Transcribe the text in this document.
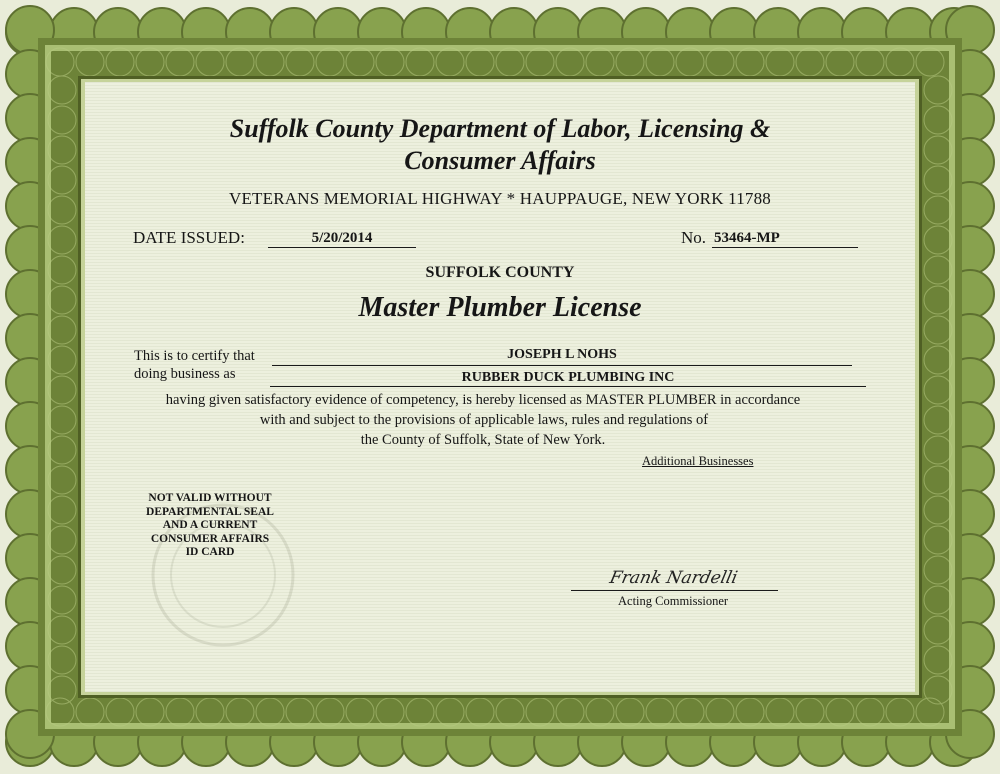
Suffolk County Department of Labor, Licensing &

Consumer Affairs

VETERANS MEMORIAL HIGHWAY * HAUPPAUGE, NEW YORK 11788

DATE ISSUED:	5/20/2014	No. 53464-MP

SUFFOLK COUNTY

Master Plumber License

This is to certify that	JOSEPH L NOHS

doing business as	RUBBER DUCK PLUMBING INC

having given satisfactory evidence of competency, is hereby licensed as MASTER PLUMBER in accordance

with and subject to the provisions of applicable laws, rules and regulations of

the County of Suffolk, State of New York.

Additional Businesses

NOT VALID WITHOUT
DEPARTMENTAL SEAL
AND A CURRENT
CONSUMER AFFAIRS
ID CARD

Frank Nardelli

Acting Commissioner
